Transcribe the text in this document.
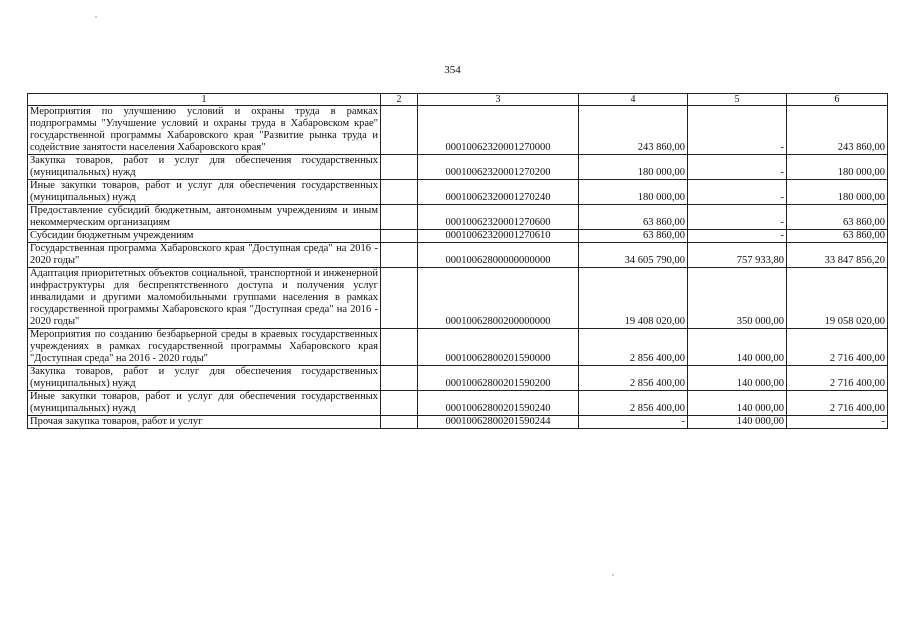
354
1	2	3	4	5	6
Мероприятия по улучшению условий и охраны труда в рамках подпрограммы "Улучшение условий и охраны труда в Хабаровском крае" государственной программы Хабаровского края "Развитие рынка труда и содействие занятости населения Хабаровского края"		00010062320001270000	243 860,00	-	243 860,00
Закупка товаров, работ и услуг для обеспечения государственных (муниципальных) нужд		00010062320001270200	180 000,00	-	180 000,00
Иные закупки товаров, работ и услуг для обеспечения государственных (муниципальных) нужд		00010062320001270240	180 000,00	-	180 000,00
Предоставление субсидий бюджетным, автономным учреждениям и иным некоммерческим организациям		00010062320001270600	63 860,00	-	63 860,00
Субсидии бюджетным учреждениям		00010062320001270610	63 860,00	-	63 860,00
Государственная программа Хабаровского края "Доступная среда" на 2016 - 2020 годы"		00010062800000000000	34 605 790,00	757 933,80	33 847 856,20
Адаптация приоритетных объектов социальной, транспортной и инженерной инфраструктуры для беспрепятственного доступа и получения услуг инвалидами и другими маломобильными группами населения в рамках государственной программы Хабаровского края "Доступная среда" на 2016 - 2020 годы"		00010062800200000000	19 408 020,00	350 000,00	19 058 020,00
Мероприятия по созданию безбарьерной среды в краевых государственных учреждениях в рамках государственной программы Хабаровского края "Доступная среда" на 2016 - 2020 годы"		00010062800201590000	2 856 400,00	140 000,00	2 716 400,00
Закупка товаров, работ и услуг для обеспечения государственных (муниципальных) нужд		00010062800201590200	2 856 400,00	140 000,00	2 716 400,00
Иные закупки товаров, работ и услуг для обеспечения государственных (муниципальных) нужд		00010062800201590240	2 856 400,00	140 000,00	2 716 400,00
Прочая закупка товаров, работ и услуг		00010062800201590244	-	140 000,00	-
